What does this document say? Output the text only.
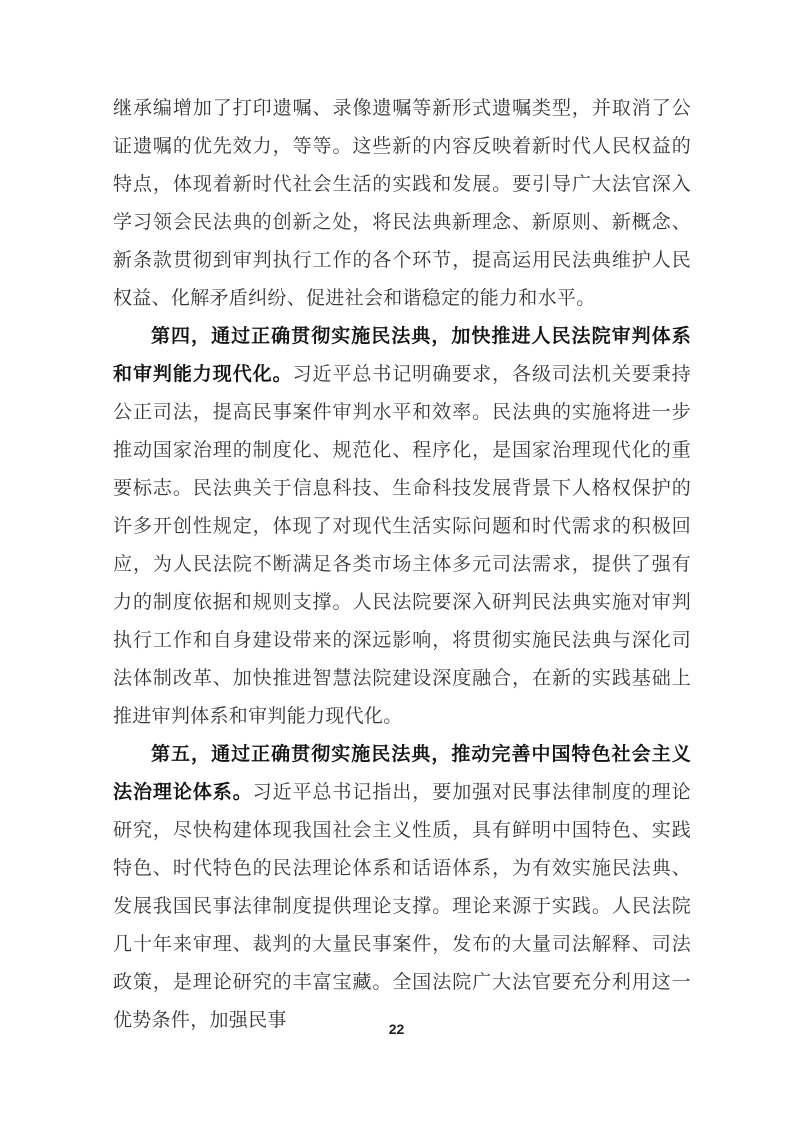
继承编增加了打印遗嘱、录像遗嘱等新形式遗嘱类型，并取消了公证遗嘱的优先效力，等等。这些新的内容反映着新时代人民权益的特点，体现着新时代社会生活的实践和发展。要引导广大法官深入学习领会民法典的创新之处，将民法典新理念、新原则、新概念、新条款贯彻到审判执行工作的各个环节，提高运用民法典维护人民权益、化解矛盾纠纷、促进社会和谐稳定的能力和水平。

第四，通过正确贯彻实施民法典，加快推进人民法院审判体系和审判能力现代化。习近平总书记明确要求，各级司法机关要秉持公正司法，提高民事案件审判水平和效率。民法典的实施将进一步推动国家治理的制度化、规范化、程序化，是国家治理现代化的重要标志。民法典关于信息科技、生命科技发展背景下人格权保护的许多开创性规定，体现了对现代生活实际问题和时代需求的积极回应，为人民法院不断满足各类市场主体多元司法需求，提供了强有力的制度依据和规则支撑。人民法院要深入研判民法典实施对审判执行工作和自身建设带来的深远影响，将贯彻实施民法典与深化司法体制改革、加快推进智慧法院建设深度融合，在新的实践基础上推进审判体系和审判能力现代化。

第五，通过正确贯彻实施民法典，推动完善中国特色社会主义法治理论体系。习近平总书记指出，要加强对民事法律制度的理论研究，尽快构建体现我国社会主义性质，具有鲜明中国特色、实践特色、时代特色的民法理论体系和话语体系，为有效实施民法典、发展我国民事法律制度提供理论支撑。理论来源于实践。人民法院几十年来审理、裁判的大量民事案件，发布的大量司法解释、司法政策，是理论研究的丰富宝藏。全国法院广大法官要充分利用这一优势条件，加强民事	22
